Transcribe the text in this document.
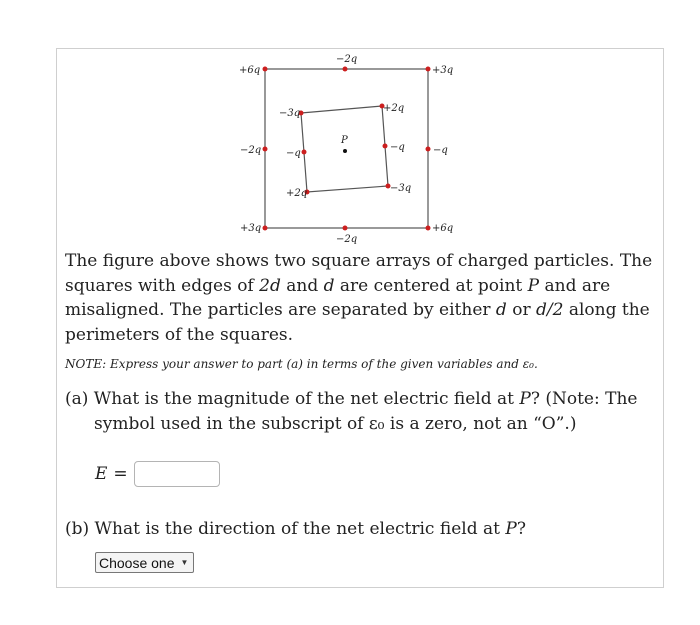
+6q
−2q
+3q
−2q	−q
+3q
−2q
+6q
−3q	+2q
−q
−q
+2q	−3q
P

The figure above shows two square arrays of charged particles. The squares with edges of 2d and d are centered at point P and are misaligned. The particles are separated by either d or d/2 along the perimeters of the squares.

NOTE: Express your answer to part (a) in terms of the given variables and ε₀.

(a) What is the magnitude of the net electric field at P? (Note: The symbol used in the subscript of ε₀ is a zero, not an “O”.)
E =

(b) What is the direction of the net electric field at P?

Choose one ▼
